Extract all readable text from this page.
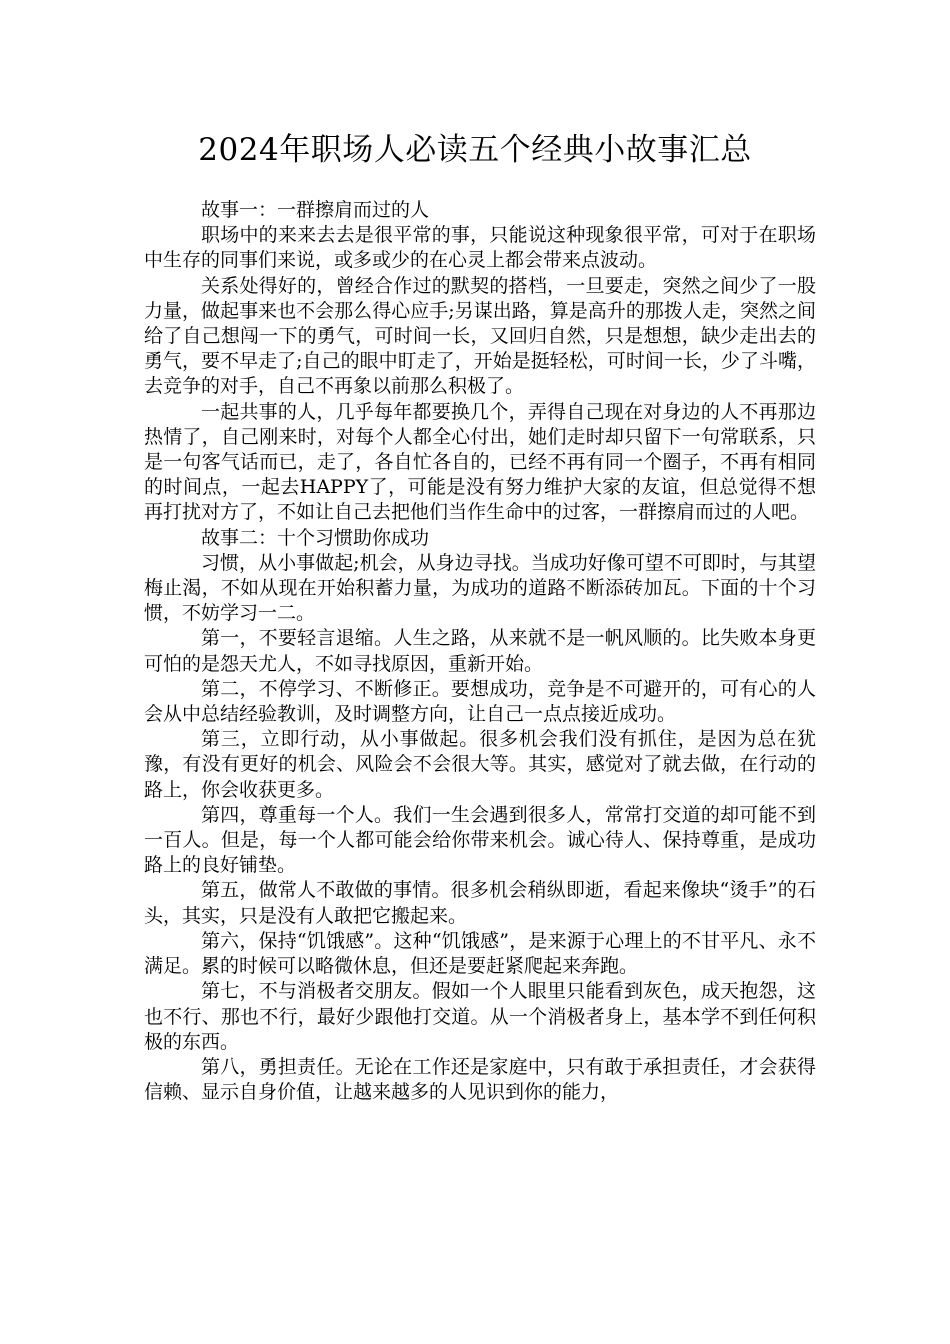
2024年职场人必读五个经典小故事汇总

故事一：一群擦肩而过的人

职场中的来来去去是很平常的事，只能说这种现象很平常，可对于在职场中生存的同事们来说，或多或少的在心灵上都会带来点波动。

关系处得好的，曾经合作过的默契的搭档，一旦要走，突然之间少了一股力量，做起事来也不会那么得心应手;另谋出路，算是高升的那拨人走，突然之间给了自己想闯一下的勇气，可时间一长，又回归自然，只是想想，缺少走出去的勇气，要不早走了;自己的眼中盯走了，开始是挺轻松，可时间一长，少了斗嘴，去竞争的对手，自己不再象以前那么积极了。

一起共事的人，几乎每年都要换几个，弄得自己现在对身边的人不再那边热情了，自己刚来时，对每个人都全心付出，她们走时却只留下一句常联系，只是一句客气话而已，走了，各自忙各自的，已经不再有同一个圈子，不再有相同的时间点，一起去HAPPY了，可能是没有努力维护大家的友谊，但总觉得不想再打扰对方了，不如让自己去把他们当作生命中的过客，一群擦肩而过的人吧。

故事二：十个习惯助你成功

习惯，从小事做起;机会，从身边寻找。当成功好像可望不可即时，与其望梅止渴，不如从现在开始积蓄力量，为成功的道路不断添砖加瓦。下面的十个习惯，不妨学习一二。

第一，不要轻言退缩。人生之路，从来就不是一帆风顺的。比失败本身更可怕的是怨天尤人，不如寻找原因，重新开始。

第二，不停学习、不断修正。要想成功，竞争是不可避开的，可有心的人会从中总结经验教训，及时调整方向，让自己一点点接近成功。

第三，立即行动，从小事做起。很多机会我们没有抓住，是因为总在犹豫，有没有更好的机会、风险会不会很大等。其实，感觉对了就去做，在行动的路上，你会收获更多。

第四，尊重每一个人。我们一生会遇到很多人，常常打交道的却可能不到一百人。但是，每一个人都可能会给你带来机会。诚心待人、保持尊重，是成功路上的良好铺垫。

第五，做常人不敢做的事情。很多机会稍纵即逝，看起来像块“烫手”的石头，其实，只是没有人敢把它搬起来。

第六，保持“饥饿感”。这种“饥饿感”，是来源于心理上的不甘平凡、永不满足。累的时候可以略微休息，但还是要赶紧爬起来奔跑。

第七，不与消极者交朋友。假如一个人眼里只能看到灰色，成天抱怨，这也不行、那也不行，最好少跟他打交道。从一个消极者身上，基本学不到任何积极的东西。

第八，勇担责任。无论在工作还是家庭中，只有敢于承担责任，才会获得信赖、显示自身价值，让越来越多的人见识到你的能力，
